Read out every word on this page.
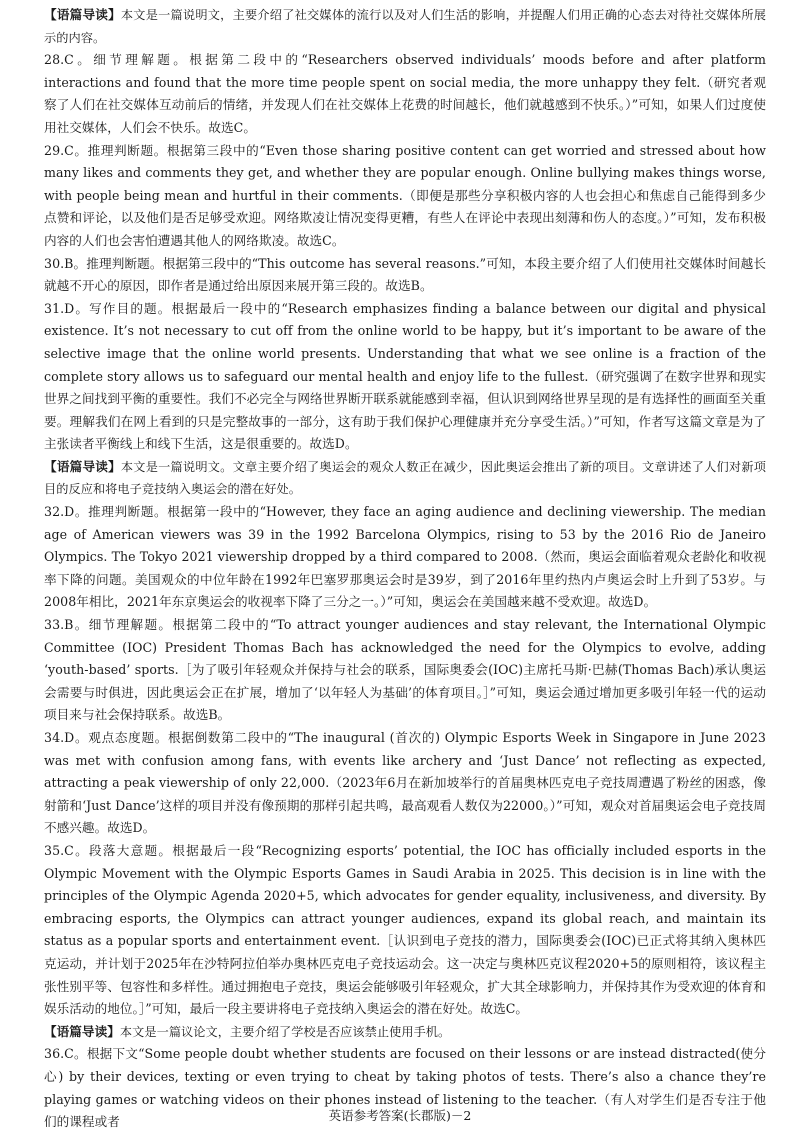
【语篇导读】本文是一篇说明文，主要介绍了社交媒体的流行以及对人们生活的影响，并提醒人们用正确的心态去对待社交媒体所展示的内容。

28.C。细节理解题。根据第二段中的“Researchers observed individuals’ moods before and after platform interactions and found that the more time people spent on social media, the more unhappy they felt.（研究者观察了人们在社交媒体互动前后的情绪，并发现人们在社交媒体上花费的时间越长，他们就越感到不快乐。）”可知，如果人们过度使用社交媒体，人们会不快乐。故选C。

29.C。推理判断题。根据第三段中的“Even those sharing positive content can get worried and stressed about how many likes and comments they get, and whether they are popular enough. Online bullying makes things worse, with people being mean and hurtful in their comments.（即便是那些分享积极内容的人也会担心和焦虑自己能得到多少点赞和评论，以及他们是否足够受欢迎。网络欺凌让情况变得更糟，有些人在评论中表现出刻薄和伤人的态度。）”可知，发布积极内容的人们也会害怕遭遇其他人的网络欺凌。故选C。

30.B。推理判断题。根据第三段中的“This outcome has several reasons.”可知，本段主要介绍了人们使用社交媒体时间越长就越不开心的原因，即作者是通过给出原因来展开第三段的。故选B。

31.D。写作目的题。根据最后一段中的“Research emphasizes finding a balance between our digital and physical existence. It’s not necessary to cut off from the online world to be happy, but it’s important to be aware of the selective image that the online world presents. Understanding that what we see online is a fraction of the complete story allows us to safeguard our mental health and enjoy life to the fullest.（研究强调了在数字世界和现实世界之间找到平衡的重要性。我们不必完全与网络世界断开联系就能感到幸福，但认识到网络世界呈现的是有选择性的画面至关重要。理解我们在网上看到的只是完整故事的一部分，这有助于我们保护心理健康并充分享受生活。）”可知，作者写这篇文章是为了主张读者平衡线上和线下生活，这是很重要的。故选D。

【语篇导读】本文是一篇说明文。文章主要介绍了奥运会的观众人数正在减少，因此奥运会推出了新的项目。文章讲述了人们对新项目的反应和将电子竞技纳入奥运会的潜在好处。

32.D。推理判断题。根据第一段中的“However, they face an aging audience and declining viewership. The median age of American viewers was 39 in the 1992 Barcelona Olympics, rising to 53 by the 2016 Rio de Janeiro Olympics. The Tokyo 2021 viewership dropped by a third compared to 2008.（然而，奥运会面临着观众老龄化和收视率下降的问题。美国观众的中位年龄在1992年巴塞罗那奥运会时是39岁，到了2016年里约热内卢奥运会时上升到了53岁。与2008年相比，2021年东京奥运会的收视率下降了三分之一。）”可知，奥运会在美国越来越不受欢迎。故选D。

33.B。细节理解题。根据第二段中的“To attract younger audiences and stay relevant, the International Olympic Committee (IOC) President Thomas Bach has acknowledged the need for the Olympics to evolve, adding ‘youth-based’ sports.［为了吸引年轻观众并保持与社会的联系，国际奥委会(IOC)主席托马斯·巴赫(Thomas Bach)承认奥运会需要与时俱进，因此奥运会正在扩展，增加了‘以年轻人为基础’的体育项目。］”可知，奥运会通过增加更多吸引年轻一代的运动项目来与社会保持联系。故选B。

34.D。观点态度题。根据倒数第二段中的“The inaugural (首次的) Olympic Esports Week in Singapore in June 2023 was met with confusion among fans, with events like archery and ‘Just Dance’ not reflecting as expected, attracting a peak viewership of only 22,000.（2023年6月在新加坡举行的首届奥林匹克电子竞技周遭遇了粉丝的困惑，像射箭和‘Just Dance’这样的项目并没有像预期的那样引起共鸣，最高观看人数仅为22000。）”可知，观众对首届奥运会电子竞技周不感兴趣。故选D。

35.C。段落大意题。根据最后一段“Recognizing esports’ potential, the IOC has officially included esports in the Olympic Movement with the Olympic Esports Games in Saudi Arabia in 2025. This decision is in line with the principles of the Olympic Agenda 2020+5, which advocates for gender equality, inclusiveness, and diversity. By embracing esports, the Olympics can attract younger audiences, expand its global reach, and maintain its status as a popular sports and entertainment event.［认识到电子竞技的潜力，国际奥委会(IOC)已正式将其纳入奥林匹克运动，并计划于2025年在沙特阿拉伯举办奥林匹克电子竞技运动会。这一决定与奥林匹克议程2020+5的原则相符，该议程主张性别平等、包容性和多样性。通过拥抱电子竞技，奥运会能够吸引年轻观众，扩大其全球影响力，并保持其作为受欢迎的体育和娱乐活动的地位。］”可知，最后一段主要讲将电子竞技纳入奥运会的潜在好处。故选C。

【语篇导读】本文是一篇议论文，主要介绍了学校是否应该禁止使用手机。

36.C。根据下文“Some people doubt whether students are focused on their lessons or are instead distracted(使分心) by their devices, texting or even trying to cheat by taking photos of tests. There’s also a chance they’re playing games or watching videos on their phones instead of listening to the teacher.（有人对学生们是否专注于他们的课程或者	英语参考答案(长郡版)－2
